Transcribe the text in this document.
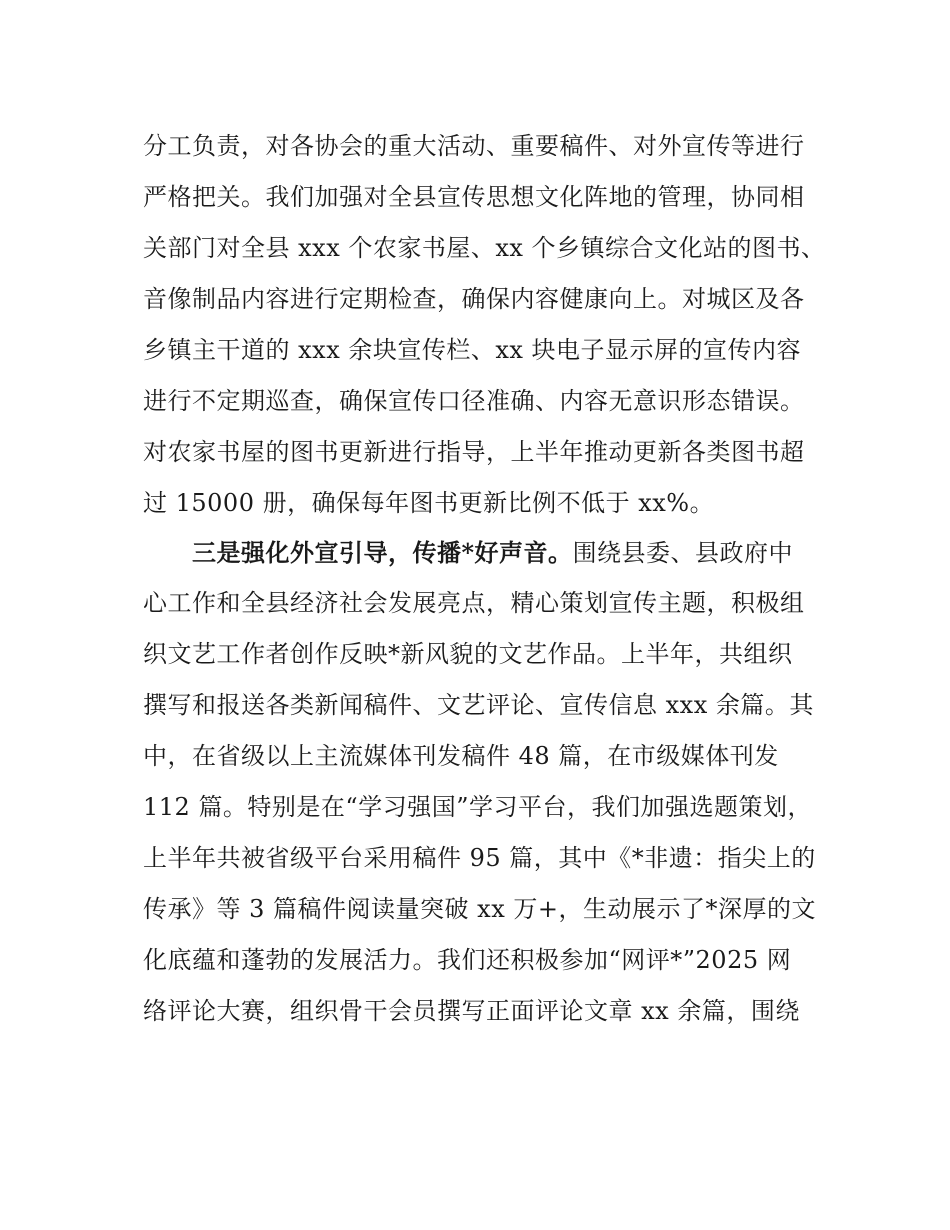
分工负责，对各协会的重大活动、重要稿件、对外宣传等进行
严格把关。我们加强对全县宣传思想文化阵地的管理，协同相
关部门对全县 xxx 个农家书屋、xx 个乡镇综合文化站的图书、
音像制品内容进行定期检查，确保内容健康向上。对城区及各
乡镇主干道的 xxx 余块宣传栏、xx 块电子显示屏的宣传内容
进行不定期巡查，确保宣传口径准确、内容无意识形态错误。
对农家书屋的图书更新进行指导，上半年推动更新各类图书超
过 15000 册，确保每年图书更新比例不低于 xx%。
　　三是强化外宣引导，传播*好声音。围绕县委、县政府中
心工作和全县经济社会发展亮点，精心策划宣传主题，积极组
织文艺工作者创作反映*新风貌的文艺作品。上半年，共组织
撰写和报送各类新闻稿件、文艺评论、宣传信息 xxx 余篇。其
中，在省级以上主流媒体刊发稿件 48 篇，在市级媒体刊发
112 篇。特别是在“学习强国”学习平台，我们加强选题策划，
上半年共被省级平台采用稿件 95 篇，其中《*非遗：指尖上的
传承》等 3 篇稿件阅读量突破 xx 万+，生动展示了*深厚的文
化底蕴和蓬勃的发展活力。我们还积极参加“网评*”2025 网
络评论大赛，组织骨干会员撰写正面评论文章 xx 余篇，围绕
